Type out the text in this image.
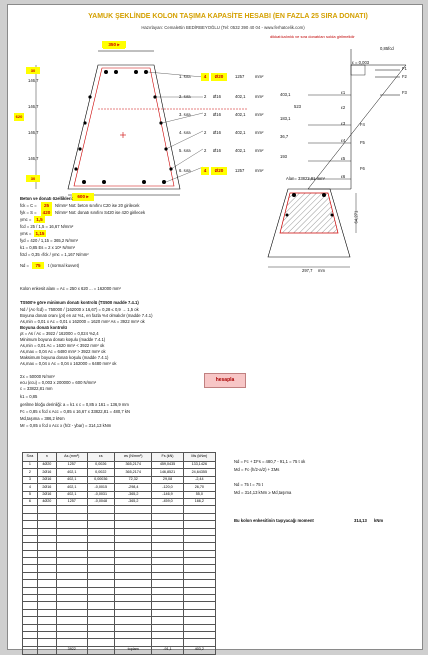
YAMUK ŞEKLİNDE KOLON TAŞIMA KAPASİTE HESABI (EN FAZLA 25 SIRA DONATI)
Hazırlayan: Cemalettin BEDİRBEYOĞLU (Tel: 0532 390 40 04 - www.ferhatcelik.com)
dikkat:kalınlık ve sıra donatıları solda girilmelidir
350 ▸
600 ▸
620
30
146,7
146,7
146,7
146,7
30
1. sıra	4	Ø20	1257	mm²
2. sıra	2 Ø16	402,1 mm²
3. sıra	2 Ø16	402,1 mm²
4. sıra	2 Ø16	402,1 mm²
5. sıra	2 Ø16	402,1 mm²
6. sıra	4	Ø20	1257	mm²
403,1
183,1
523
36,7
193
ε = 0,003
0,85fcd
ε1
ε2
ε3
ε4
ε5
ε6
F1
F2
F3
F4
F5
F6
Beton ve donatı özellikleri:
fck = C =	25	N/mm² Not: beton sınıfını C20 ise 20 girilecek
fyk = S =	420	N/mm² Not: donatı sınıfını S420 ise 420 girilecek
γmc =	1,5
fcd = 25 / 1,5 = 16,67 N/mm²
γms = 1,15
fyd = 420 / 1,15 = 365,2 N/mm²
k1 = 0,85 Es = 2 x 10⁵ N/mm²
fctd = 0,35 √fck / γmc = 1,167 N/mm²
Nd =	75	t (normal kuvvet)
Alan= 33822,81 mm²
64,271
297,7 mm
Kolon enkesit alanı = Ac = 250 x 620 ... = 162000 mm²
TS500'e göre minimum donatı kontrolü (TS500 madde 7.4.1)
Nd / (Ac·fcd) = 750000 / (162000 x 16,67) = 0,28 ≤ 0,9 → 1,5 ok
Boyuna donatı oranı (ρt) en az %1, en fazla %4 olmalıdır (madde 7.4.1)
As,min = 0,01 x Ac = 0,01 x 162000 = 1620 mm² As = 3922 mm² ok
Boyuna donatı kontrolü
ρt = As / Ac = 3922 / 162000 = 0,024 %2,4
Minimum boyuna donatı koşulu (madde 7.4.1)
As,min = 0,01 Ac = 1620 mm² < 3922 mm² ok
As,max = 0,04 Ac = 6480 mm² > 3922 mm² ok
Maksimum boyuna donatı koşulu (madde 7.4.1)
As,max = 0,04 x Ac = 0,04 x 162000 = 6480 mm² ok
Σx = 50000 N/mm²
ecu (εcu) = 0,003 x 200000 = 600 N/mm²
c = 33822,81 mm
k1 = 0,85
gerilme bloğu derinliği: a = k1 x c = 0,85 x 161 = 136,9 mm
Fc = 0,85 x fcd x Acc = 0,85 x 16,67 x 33822,81 = 480,7 kN
Md,taşıma = 386,2 kNm
Mr = 0,85 x fcd x Acc x (h/2 - ybar) = 314,13 kNm
hesapla
Sıra	n	As (mm²)	εs	σs (N/mm²)	Fs (kN)	Ms (kNm)
1	4Ø20	1257	0,0026	365,2174	459,0435	133,1426
2	2Ø16	402,1	0,0022	365,2174	146,8521	24,64355
3	2Ø16	402,1	0,00036	72,32	29,08	-2,44
4	2Ø16	402,1	-0,0015	-298,4	-120,0	26,70
5	2Ø16	402,1	-0,0031	-365,2	-146,9	55,0
6	4Ø20	1257	-0,0048	-365,2	-459,0	166,2

		3922		toplam	-91,1	403,2
Nd = Fc + ΣFs = 480,7 - 91,1 = 75 t ok
Md = Fc·(h/2-a/2) + ΣMs
Nd = 75 t = 75 t
Md = 314,13 kNm ≥ Md,taşıma
Bu kolon enkesitinin taşıyacağı moment	314,13 kNm
